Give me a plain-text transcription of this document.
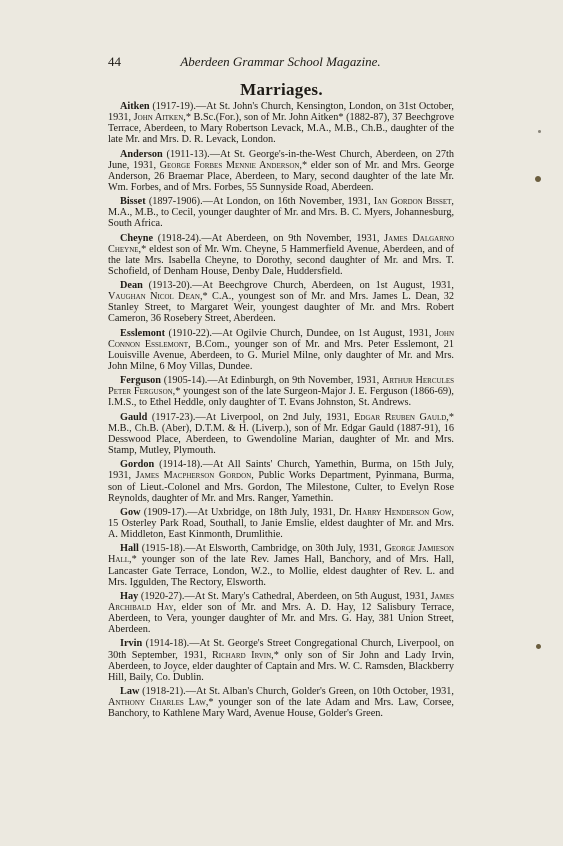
44	Aberdeen Grammar School Magazine.
Marriages.

Aitken (1917-19).—At St. John's Church, Kensington, London, on 31st October, 1931, John Aitken,* B.Sc.(For.), son of Mr. John Aitken* (1882-87), 37 Beechgrove Terrace, Aberdeen, to Mary Robertson Levack, M.A., M.B., Ch.B., daughter of the late Mr. and Mrs. D. R. Levack, London.

Anderson (1911-13).—At St. George's-in-the-West Church, Aberdeen, on 27th June, 1931, George Forbes Mennie Anderson,* elder son of Mr. and Mrs. George Anderson, 26 Braemar Place, Aberdeen, to Mary, second daughter of the late Mr. Wm. Forbes, and of Mrs. Forbes, 55 Sunnyside Road, Aberdeen.

Bisset (1897-1906).—At London, on 16th November, 1931, Ian Gordon Bisset, M.A., M.B., to Cecil, younger daughter of Mr. and Mrs. B. C. Myers, Johannesburg, South Africa.

Cheyne (1918-24).—At Aberdeen, on 9th November, 1931, James Dalgarno Cheyne,* eldest son of Mr. Wm. Cheyne, 5 Hammerfield Avenue, Aberdeen, and of the late Mrs. Isabella Cheyne, to Dorothy, second daughter of Mr. and Mrs. T. Schofield, of Denham House, Denby Dale, Huddersfield.

Dean (1913-20).—At Beechgrove Church, Aberdeen, on 1st August, 1931, Vaughan Nicol Dean,* C.A., youngest son of Mr. and Mrs. James L. Dean, 32 Stanley Street, to Margaret Weir, youngest daughter of Mr. and Mrs. Robert Cameron, 36 Rosebery Street, Aberdeen.

Esslemont (1910-22).—At Ogilvie Church, Dundee, on 1st August, 1931, John Connon Esslemont, B.Com., younger son of Mr. and Mrs. Peter Esslemont, 21 Louisville Avenue, Aberdeen, to G. Muriel Milne, only daughter of Mr. and Mrs. John Milne, 6 Moy Villas, Dundee.

Ferguson (1905-14).—At Edinburgh, on 9th November, 1931, Arthur Hercules Peter Ferguson,* youngest son of the late Surgeon-Major J. E. Ferguson (1866-69), I.M.S., to Ethel Heddle, only daughter of T. Evans Johnston, St. Andrews.

Gauld (1917-23).—At Liverpool, on 2nd July, 1931, Edgar Reuben Gauld,* M.B., Ch.B. (Aber), D.T.M. & H. (Liverp.), son of Mr. Edgar Gauld (1887-91), 16 Desswood Place, Aberdeen, to Gwendoline Marian, daughter of Mr. and Mrs. Stamp, Mutley, Plymouth.

Gordon (1914-18).—At All Saints' Church, Yamethin, Burma, on 15th July, 1931, James Macpherson Gordon, Public Works Department, Pyinmana, Burma, son of Lieut.-Colonel and Mrs. Gordon, The Milestone, Culter, to Evelyn Rose Reynolds, daughter of Mr. and Mrs. Ranger, Yamethin.

Gow (1909-17).—At Uxbridge, on 18th July, 1931, Dr. Harry Henderson Gow, 15 Osterley Park Road, Southall, to Janie Emslie, eldest daughter of Mr. and Mrs. A. Middleton, East Kinmonth, Drumlithie.

Hall (1915-18).—At Elsworth, Cambridge, on 30th July, 1931, George Jamieson Hall,* younger son of the late Rev. James Hall, Banchory, and of Mrs. Hall, Lancaster Gate Terrace, London, W.2., to Mollie, eldest daughter of Rev. L. and Mrs. Iggulden, The Rectory, Elsworth.

Hay (1920-27).—At St. Mary's Cathedral, Aberdeen, on 5th August, 1931, James Archibald Hay, elder son of Mr. and Mrs. A. D. Hay, 12 Salisbury Terrace, Aberdeen, to Vera, younger daughter of Mr. and Mrs. G. Hay, 381 Union Street, Aberdeen.

Irvin (1914-18).—At St. George's Street Congregational Church, Liverpool, on 30th September, 1931, Richard Irvin,* only son of Sir John and Lady Irvin, Aberdeen, to Joyce, elder daughter of Captain and Mrs. W. C. Ramsden, Blackberry Hill, Baily, Co. Dublin.

Law (1918-21).—At St. Alban's Church, Golder's Green, on 10th October, 1931, Anthony Charles Law,* younger son of the late Adam and Mrs. Law, Corsee, Banchory, to Kathlene Mary Ward, Avenue House, Golder's Green.
